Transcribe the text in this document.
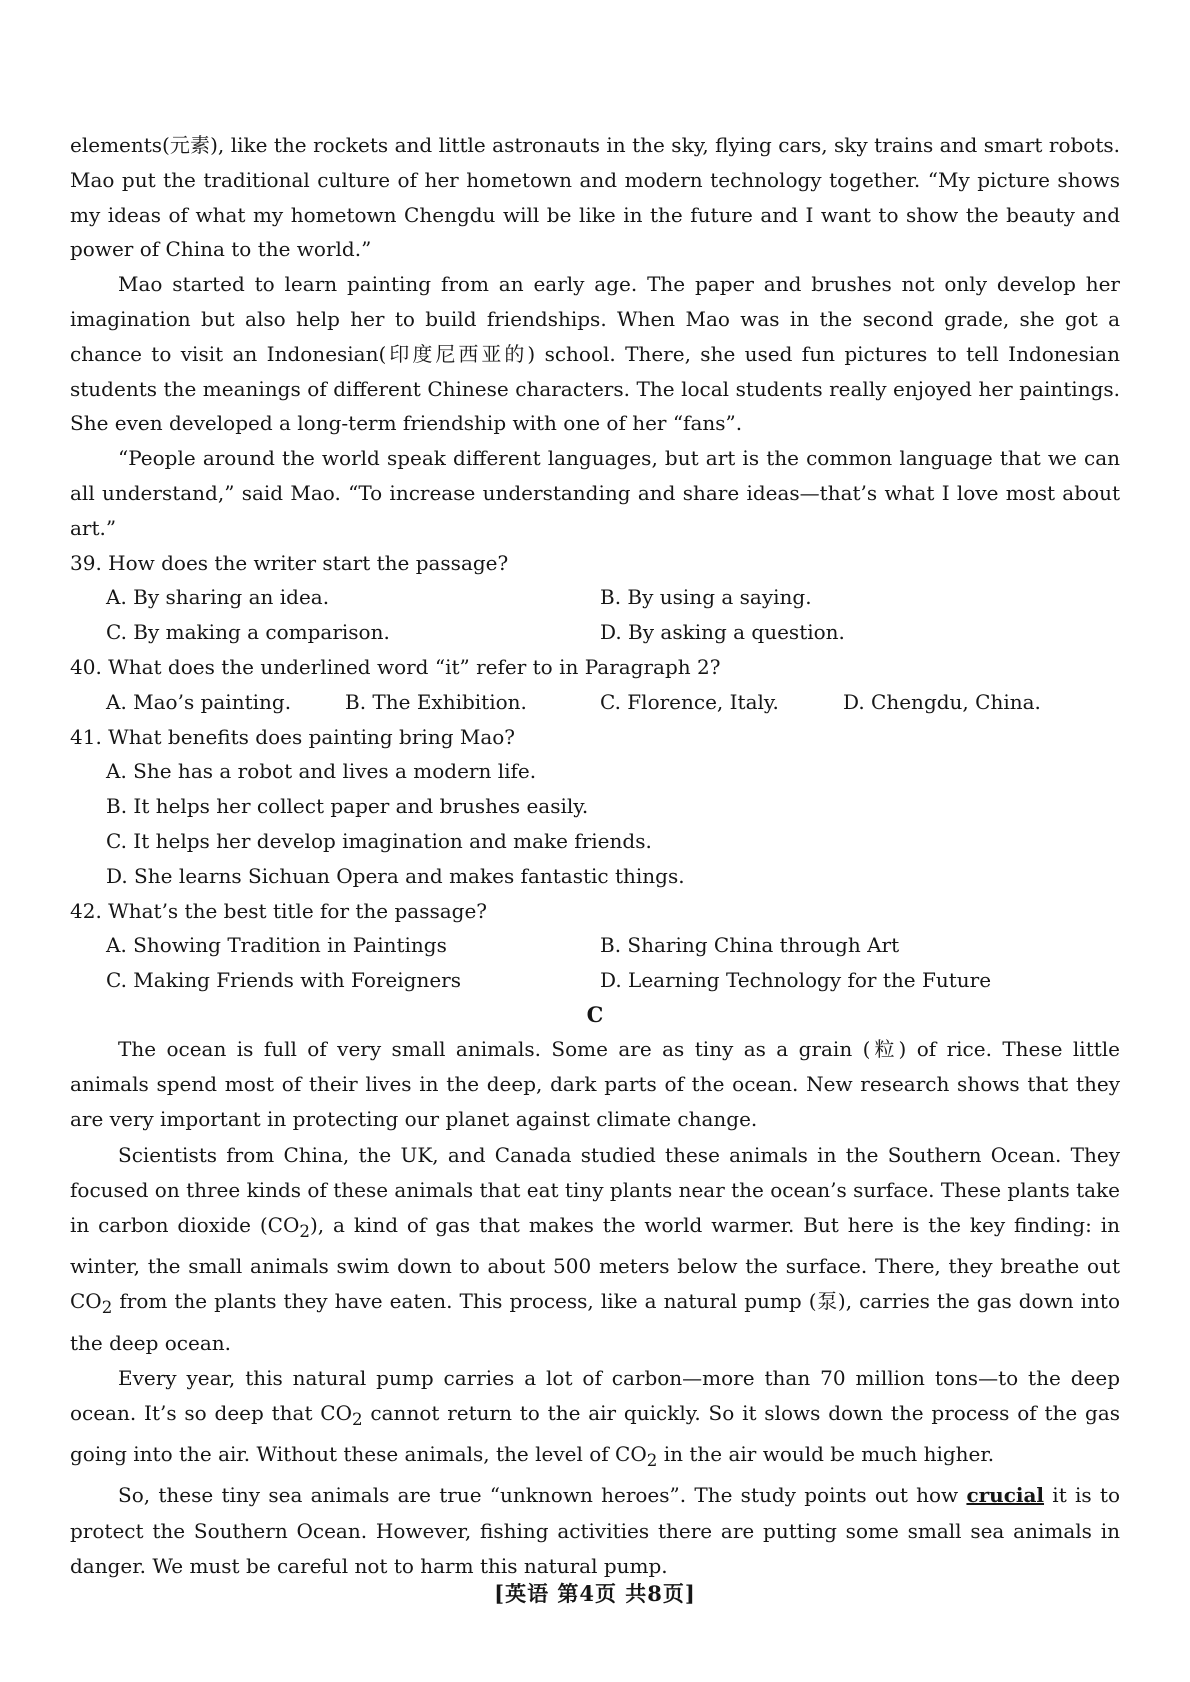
elements(元素), like the rockets and little astronauts in the sky, flying cars, sky trains and smart robots. Mao put the traditional culture of her hometown and modern technology together. “My picture shows my ideas of what my hometown Chengdu will be like in the future and I want to show the beauty and power of China to the world.”

Mao started to learn painting from an early age. The paper and brushes not only develop her imagination but also help her to build friendships. When Mao was in the second grade, she got a chance to visit an Indonesian(印度尼西亚的) school. There, she used fun pictures to tell Indonesian students the meanings of different Chinese characters. The local students really enjoyed her paintings. She even developed a long-term friendship with one of her “fans”.

“People around the world speak different languages, but art is the common language that we can all understand,” said Mao. “To increase understanding and share ideas—that’s what I love most about art.”

39. How does the writer start the passage?

A. By sharing an idea.	B. By using a saying.
C. By making a comparison.	D. By asking a question.

40. What does the underlined word “it” refer to in Paragraph 2?

A. Mao’s painting.	B. The Exhibition.	C. Florence, Italy.	D. Chengdu, China.

41. What benefits does painting bring Mao?

A. She has a robot and lives a modern life.

B. It helps her collect paper and brushes easily.

C. It helps her develop imagination and make friends.

D. She learns Sichuan Opera and makes fantastic things.

42. What’s the best title for the passage?

A. Showing Tradition in Paintings	B. Sharing China through Art
C. Making Friends with Foreigners	D. Learning Technology for the Future

C

The ocean is full of very small animals. Some are as tiny as a grain (粒) of rice. These little animals spend most of their lives in the deep, dark parts of the ocean. New research shows that they are very important in protecting our planet against climate change.

Scientists from China, the UK, and Canada studied these animals in the Southern Ocean. They focused on three kinds of these animals that eat tiny plants near the ocean’s surface. These plants take in carbon dioxide $(CO_2)$, a kind of gas that makes the world warmer. But here is the key finding: in winter, the small animals swim down to about 500 meters below the surface. There, they breathe out $CO_2$ from the plants they have eaten. This process, like a natural pump (泵), carries the gas down into the deep ocean.

Every year, this natural pump carries a lot of carbon—more than 70 million tons—to the deep ocean. It’s so deep that $CO_2$ cannot return to the air quickly. So it slows down the process of the gas going into the air. Without these animals, the level of $CO_2$ in the air would be much higher.

So, these tiny sea animals are true “unknown heroes”. The study points out how crucial it is to protect the Southern Ocean. However, fishing activities there are putting some small sea animals in danger. We must be careful not to harm this natural pump.

[英语 第4页 共8页]
